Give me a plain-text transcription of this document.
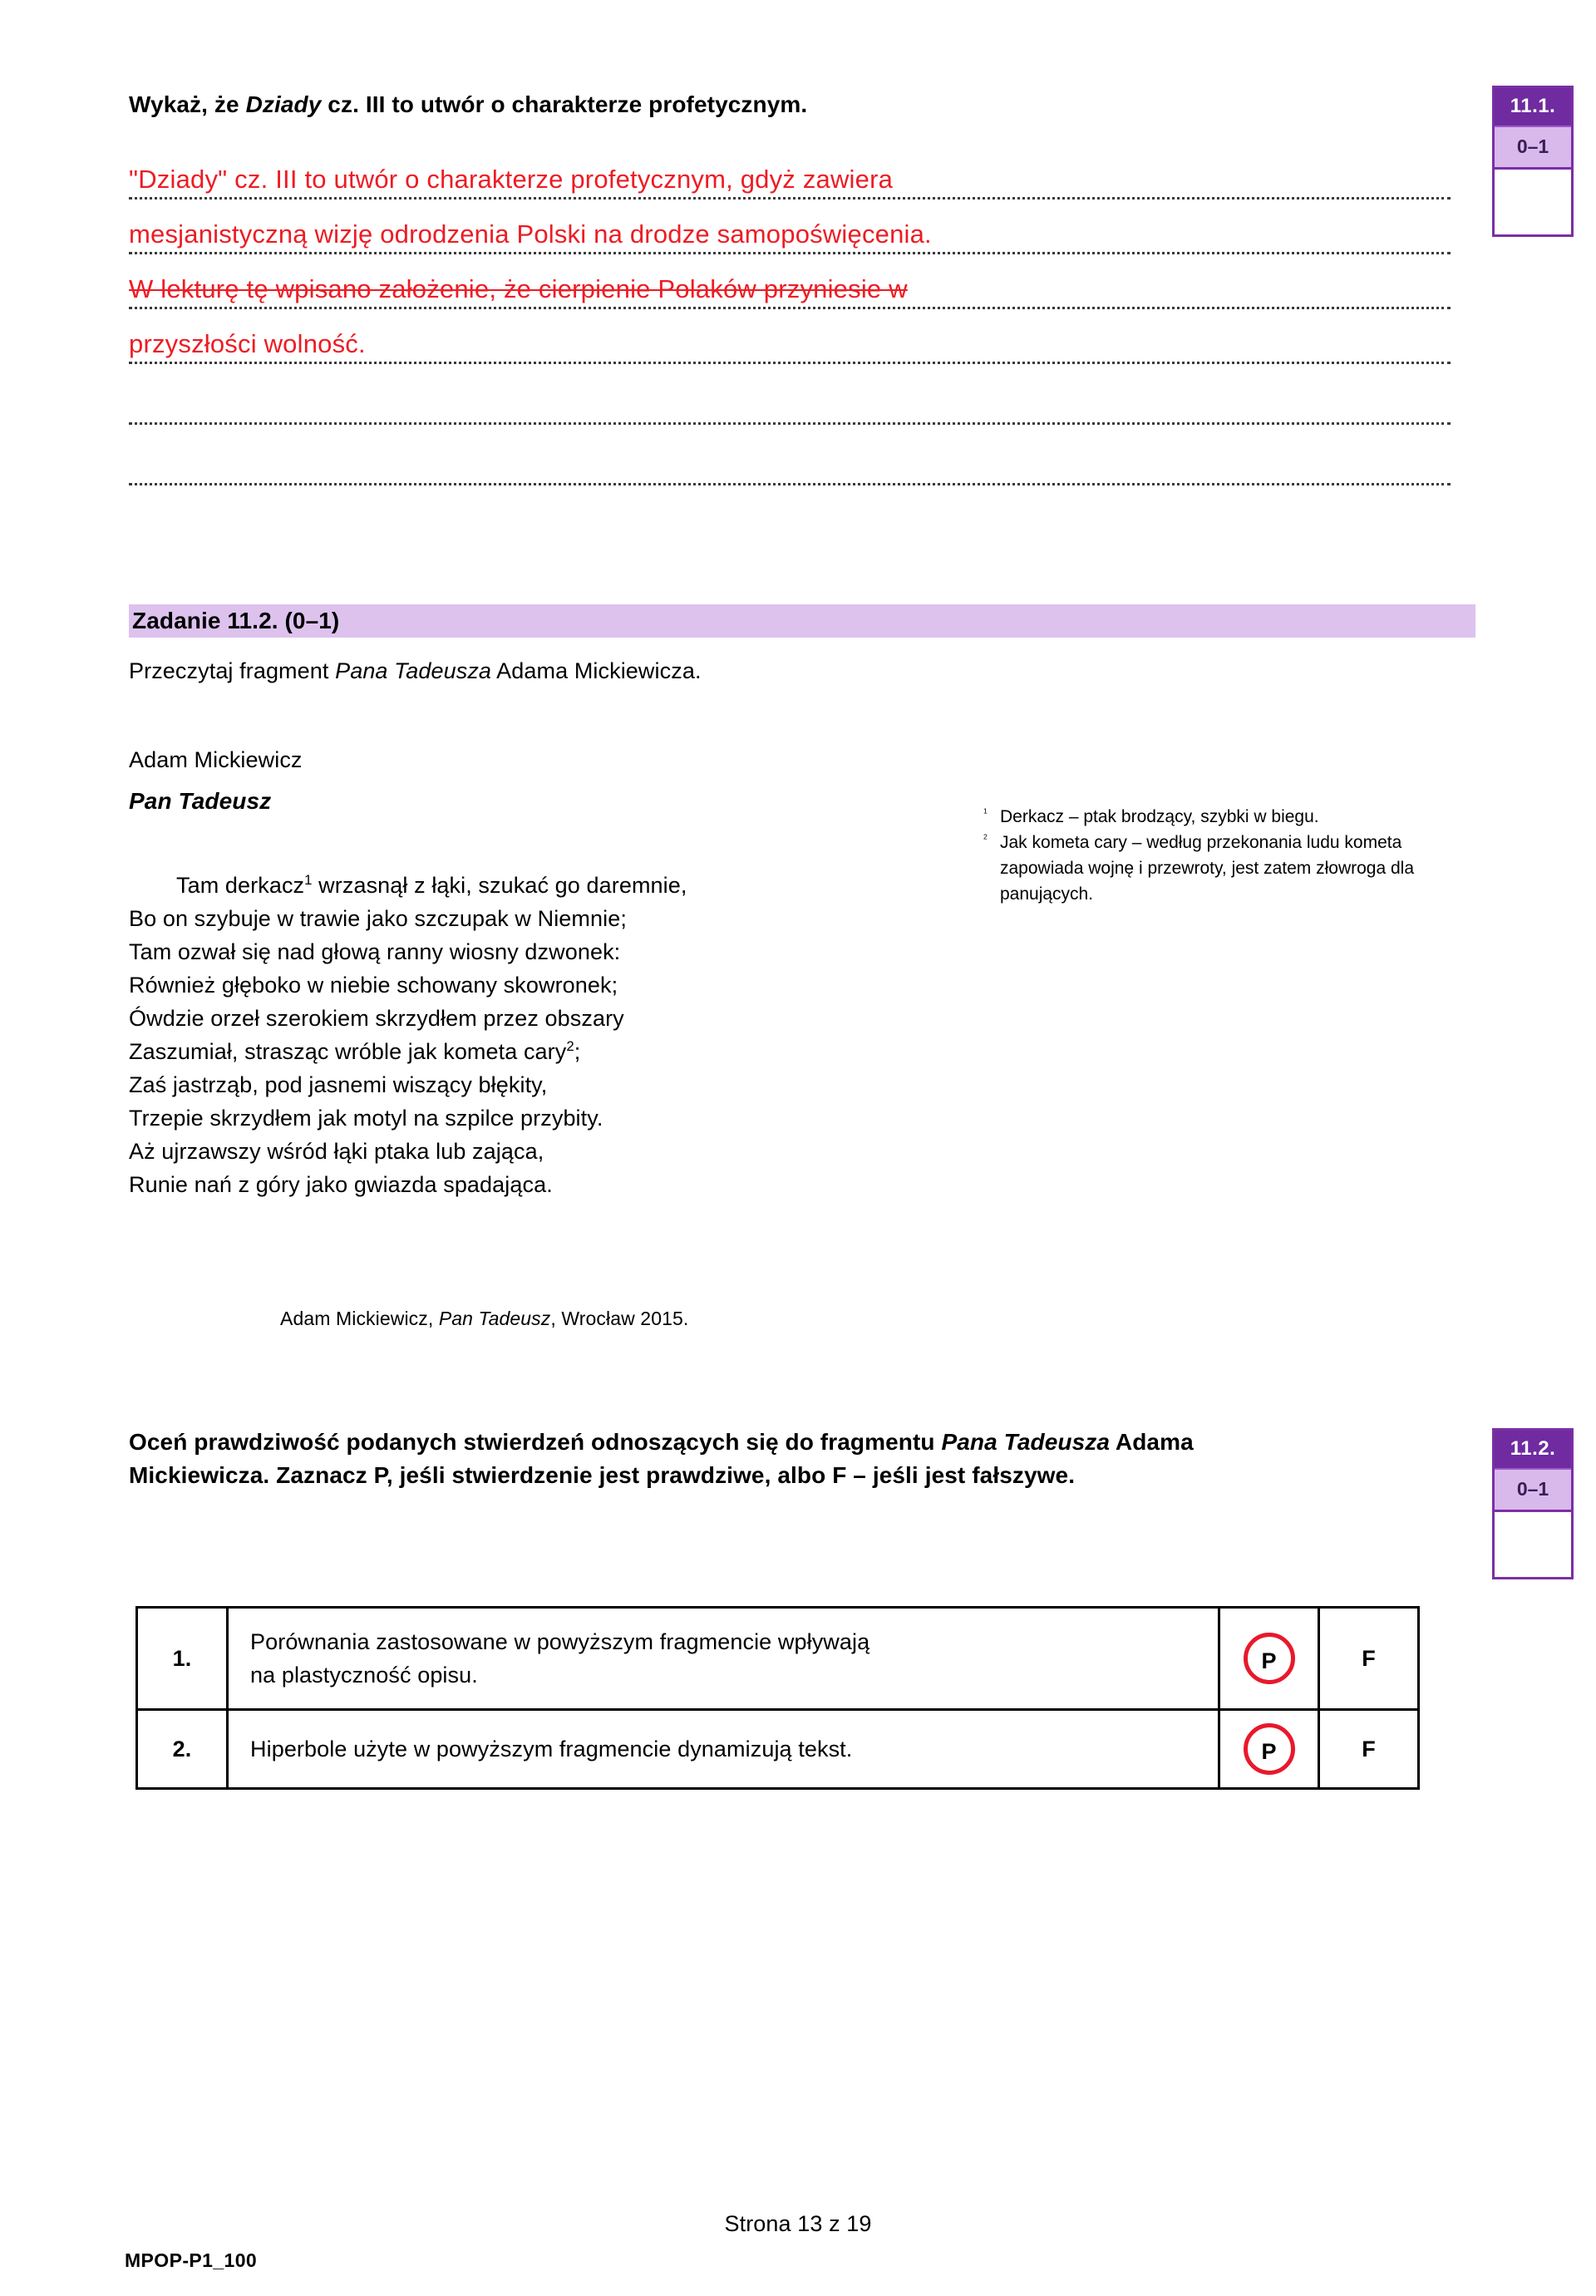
Wykaż, że Dziady cz. III to utwór o charakterze profetycznym.	11.1.
0–1
"Dziady" cz. III to utwór o charakterze profetycznym, gdyż zawiera
mesjanistyczną wizję odrodzenia Polski na drodze samopoświęcenia.
W lekturę tę wpisano założenie, że cierpienie Polaków przyniesie w
przyszłości wolność.
Zadanie 11.2. (0–1)
Przeczytaj fragment Pana Tadeusza Adama Mickiewicza.
Adam Mickiewicz
Pan Tadeusz
Tam derkacz$^1$ wrzasnął z łąki, szukać go daremnie,
Bo on szybuje w trawie jako szczupak w Niemnie;
Tam ozwał się nad głową ranny wiosny dzwonek:
Również głęboko w niebie schowany skowronek;
Ówdzie orzeł szerokiem skrzydłem przez obszary
Zaszumiał, strasząc wróble jak kometa cary$^2$;
Zaś jastrząb, pod jasnemi wiszący błękity,
Trzepie skrzydłem jak motyl na szpilce przybity.
Aż ujrzawszy wśród łąki ptaka lub zająca,
Runie nań z góry jako gwiazda spadająca.
Adam Mickiewicz, Pan Tadeusz, Wrocław 2015.
$^1$ Derkacz – ptak brodzący, szybki w biegu.
$^2$ Jak kometa cary – według przekonania ludu kometa zapowiada wojnę i przewroty, jest zatem złowroga dla panujących.
Oceń prawdziwość podanych stwierdzeń odnoszących się do fragmentu Pana Tadeusza Adama Mickiewicza. Zaznacz P, jeśli stwierdzenie jest prawdziwe, albo F – jeśli jest fałszywe.
11.2.
0–1
1.	Porównania zastosowane w powyższym fragmencie wpływają
na plastyczność opisu.	P	F
2.	Hiperbole użyte w powyższym fragmencie dynamizują tekst.	P	F
Strona 13 z 19
MPOP-P1_100
